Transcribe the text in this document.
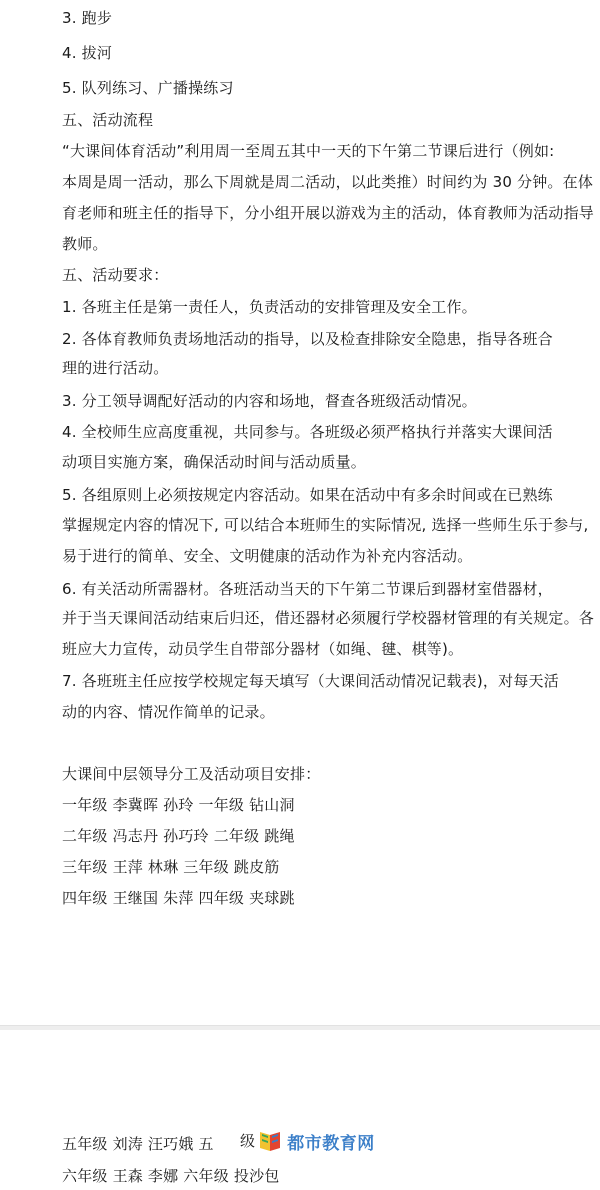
3. 跑步
4. 拔河
5. 队列练习、广播操练习
五、活动流程
“大课间体育活动”利用周一至周五其中一天的下午第二节课后进行（例如:
本周是周一活动，那么下周就是周二活动，以此类推）时间约为 30 分钟。在体
育老师和班主任的指导下，分小组开展以游戏为主的活动，体育教师为活动指导
教师。
五、活动要求：
1. 各班主任是第一责任人，负责活动的安排管理及安全工作。
2. 各体育教师负责场地活动的指导，以及检查排除安全隐患，指导各班合
理的进行活动。
3. 分工领导调配好活动的内容和场地，督查各班级活动情况。
4. 全校师生应高度重视，共同参与。各班级必须严格执行并落实大课间活
动项目实施方案，确保活动时间与活动质量。
5. 各组原则上必须按规定内容活动。如果在活动中有多余时间或在已熟练
掌握规定内容的情况下, 可以结合本班师生的实际情况, 选择一些师生乐于参与,
易于进行的简单、安全、文明健康的活动作为补充内容活动。
6. 有关活动所需器材。各班活动当天的下午第二节课后到器材室借器材，
并于当天课间活动结束后归还，借还器材必须履行学校器材管理的有关规定。各
班应大力宣传，动员学生自带部分器材（如绳、毽、棋等)。
7. 各班班主任应按学校规定每天填写（大课间活动情况记载表)，对每天活
动的内容、情况作简单的记录。
大课间中层领导分工及活动项目安排：
一年级 李冀晖 孙玲 一年级 钻山洞
二年级 冯志丹 孙巧玲 二年级 跳绳
三年级 王萍 林琳 三年级 跳皮筋
四年级 王继国 朱萍 四年级 夹球跳
五年级 刘涛 汪巧娥 五
六年级 王森 李娜 六年级 投沙包
级 都市教育网
